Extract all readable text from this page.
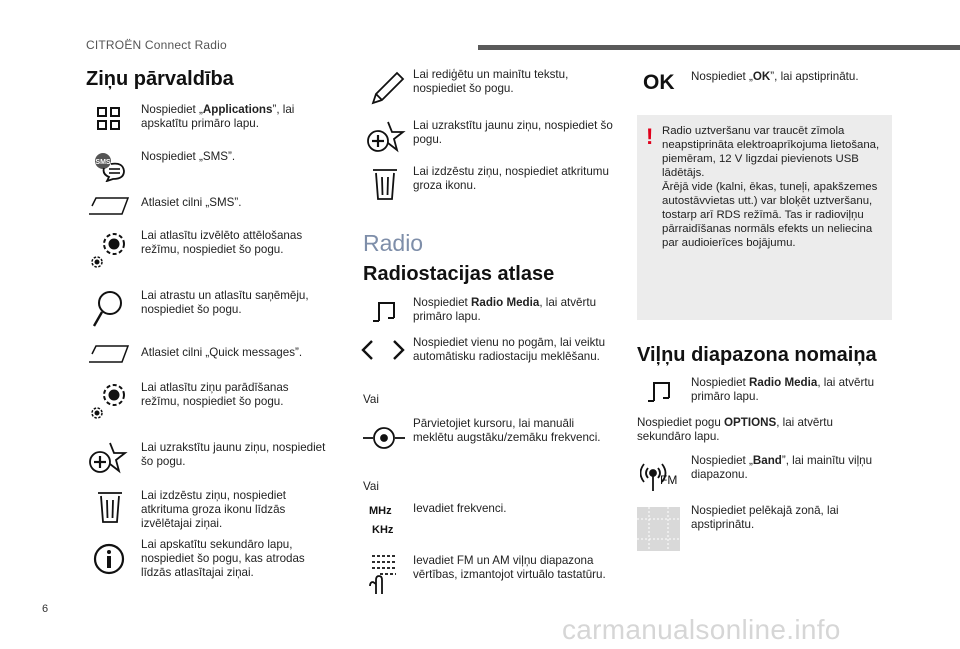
CITROËN Connect Radio
Ziņu pārvaldība
Nospiediet „Applications”, lai apskatītu primāro lapu.
SMS	Nospiediet „SMS”.
Atlasiet cilni „SMS”.
Lai atlasītu izvēlēto attēlošanas režīmu, nospiediet šo pogu.
Lai atrastu un atlasītu saņēmēju, nospiediet šo pogu.
Atlasiet cilni „Quick messages”.
Lai atlasītu ziņu parādīšanas režīmu, nospiediet šo pogu.
Lai uzrakstītu jaunu ziņu, nospiediet šo pogu.
Lai izdzēstu ziņu, nospiediet atkrituma groza ikonu līdzās izvēlētajai ziņai.
Lai apskatītu sekundāro lapu, nospiediet šo pogu, kas atrodas līdzās atlasītajai ziņai.
Lai rediģētu un mainītu tekstu, nospiediet šo pogu.
Lai uzrakstītu jaunu ziņu, nospiediet šo pogu.
Lai izdzēstu ziņu, nospiediet atkritumu groza ikonu.
Radio
Radiostacijas atlase
Nospiediet Radio Media, lai atvērtu primāro lapu.
Nospiediet vienu no pogām, lai veiktu automātisku radiostaciju meklēšanu.
Vai
Pārvietojiet kursoru, lai manuāli meklētu augstāku/zemāku frekvenci.
Vai
MHz
KHz
Ievadiet frekvenci.
Ievadiet FM un AM viļņu diapazona vērtības, izmantojot virtuālo tastatūru.
OK Nospiediet „OK”, lai apstiprinātu.
! Radio uztveršanu var traucēt zīmola neapstiprināta elektroaprīkojuma lietošana, piemēram, 12 V ligzdai pievienots USB lādētājs.
Ārējā vide (kalni, ēkas, tuneļi, apakšzemes autostāvvietas utt.) var bloķēt uztveršanu, tostarp arī RDS režīmā. Tas ir radioviļņu pārraidīšanas normāls efekts un neliecina par audioierīces bojājumu.
Viļņu diapazona nomaiņa
Nospiediet Radio Media, lai atvērtu primāro lapu.
Nospiediet pogu OPTIONS, lai atvērtu sekundāro lapu.
FM
Nospiediet „Band”, lai mainītu viļņu diapazonu.
Nospiediet pelēkajā zonā, lai apstiprinātu.
6
carmanualsonline.info
